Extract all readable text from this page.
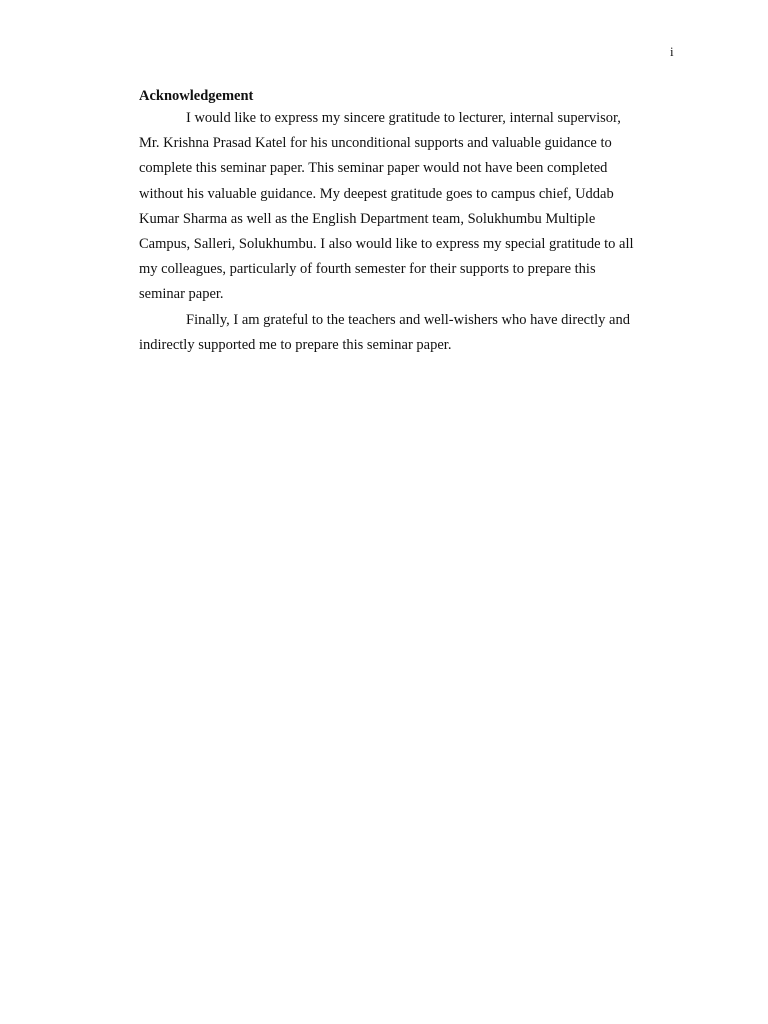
i
Acknowledgement
I would like to express my sincere gratitude to lecturer, internal supervisor,
Mr. Krishna Prasad Katel for his unconditional supports and valuable guidance to
complete this seminar paper. This seminar paper would not have been completed
without his valuable guidance. My deepest gratitude goes to campus chief, Uddab
Kumar Sharma as well as the English Department team, Solukhumbu Multiple
Campus, Salleri, Solukhumbu. I also would like to express my special gratitude to all
my colleagues, particularly of fourth semester for their supports to prepare this
seminar paper.
Finally, I am grateful to the teachers and well-wishers who have directly and
indirectly supported me to prepare this seminar paper.
